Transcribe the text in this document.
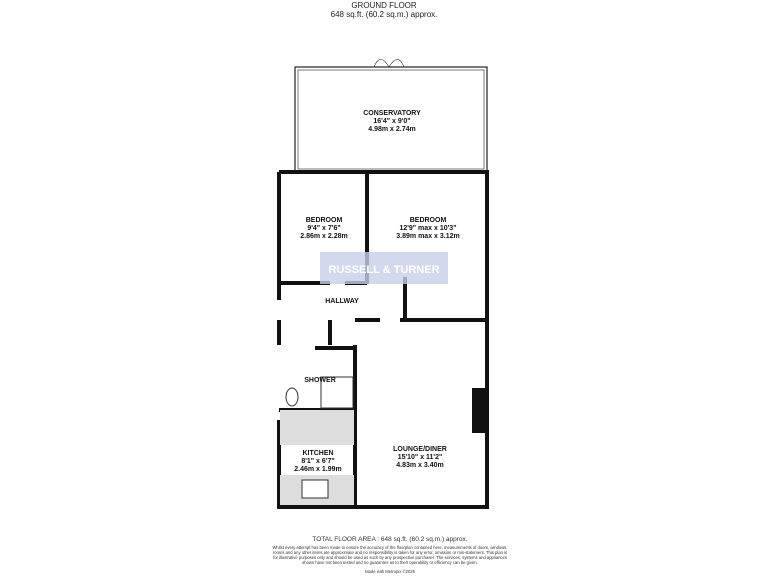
GROUND FLOOR
648 sq.ft. (60.2 sq.m.) approx.
RUSSELL & TURNER
CONSERVATORY
16'4" x 9'0"
4.98m x 2.74m
BEDROOM
9'4" x 7'6"
2.86m x 2.28m
BEDROOM
12'9" max x 10'3"
3.89m max x 3.12m
HALLWAY
SHOWER
KITCHEN
8'1" x 6'7"
2.46m x 1.99m
LOUNGE/DINER
15'10" x 11'2"
4.83m x 3.40m
TOTAL FLOOR AREA : 648 sq.ft. (60.2 sq.m.) approx.
Whilst every attempt has been made to ensure the accuracy of the floorplan contained here, measurements of doors, windows, rooms and any other items are approximate and no responsibility is taken for any error, omission or mis-statement. This plan is for illustrative purposes only and should be used as such by any prospective purchaser. The services, systems and appliances shown have not been tested and no guarantee as to their operability or efficiency can be given.
Made with Metropix ©2025
